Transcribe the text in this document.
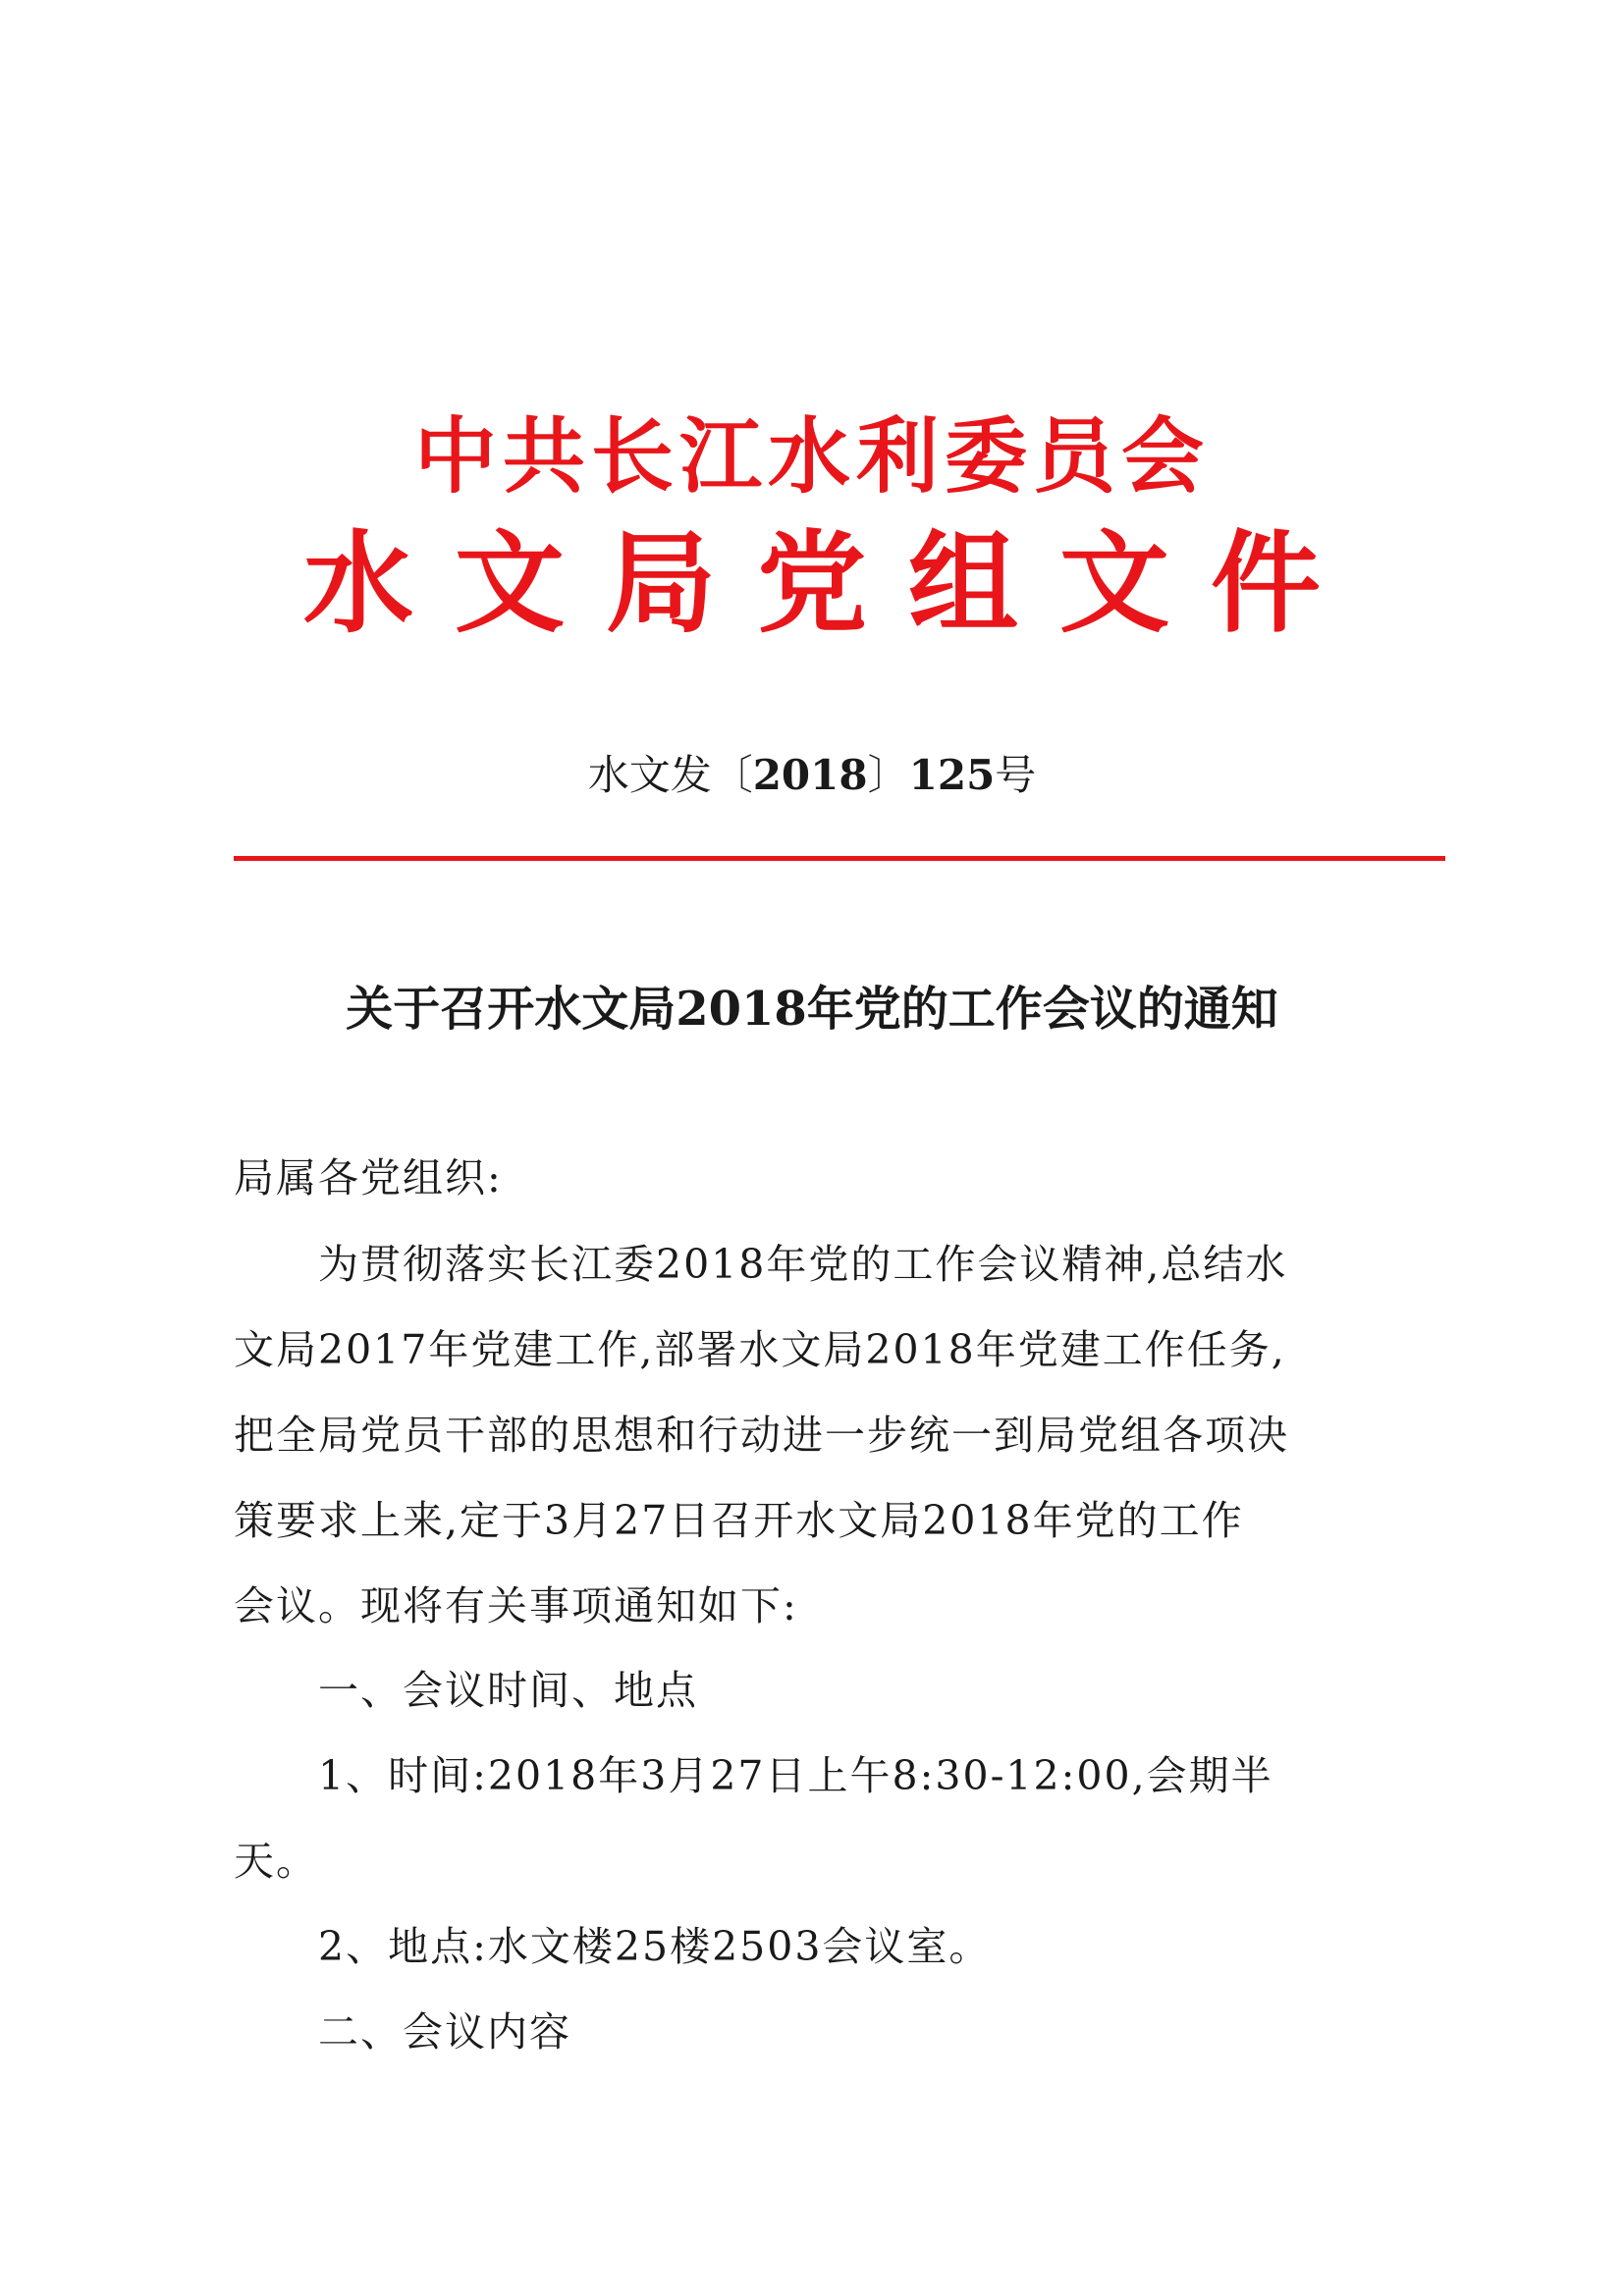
中共长江水利委员会
水文局党组文件
水文发〔2018〕125号
关于召开水文局2018年党的工作会议的通知
局属各党组织:
　　为贯彻落实长江委2018年党的工作会议精神,总结水
文局2017年党建工作,部署水文局2018年党建工作任务,
把全局党员干部的思想和行动进一步统一到局党组各项决
策要求上来,定于3月27日召开水文局2018年党的工作
会议。现将有关事项通知如下:
　　一、会议时间、地点
　　1、时间:2018年3月27日上午8:30-12:00,会期半
天。
　　2、地点:水文楼25楼2503会议室。
　　二、会议内容
